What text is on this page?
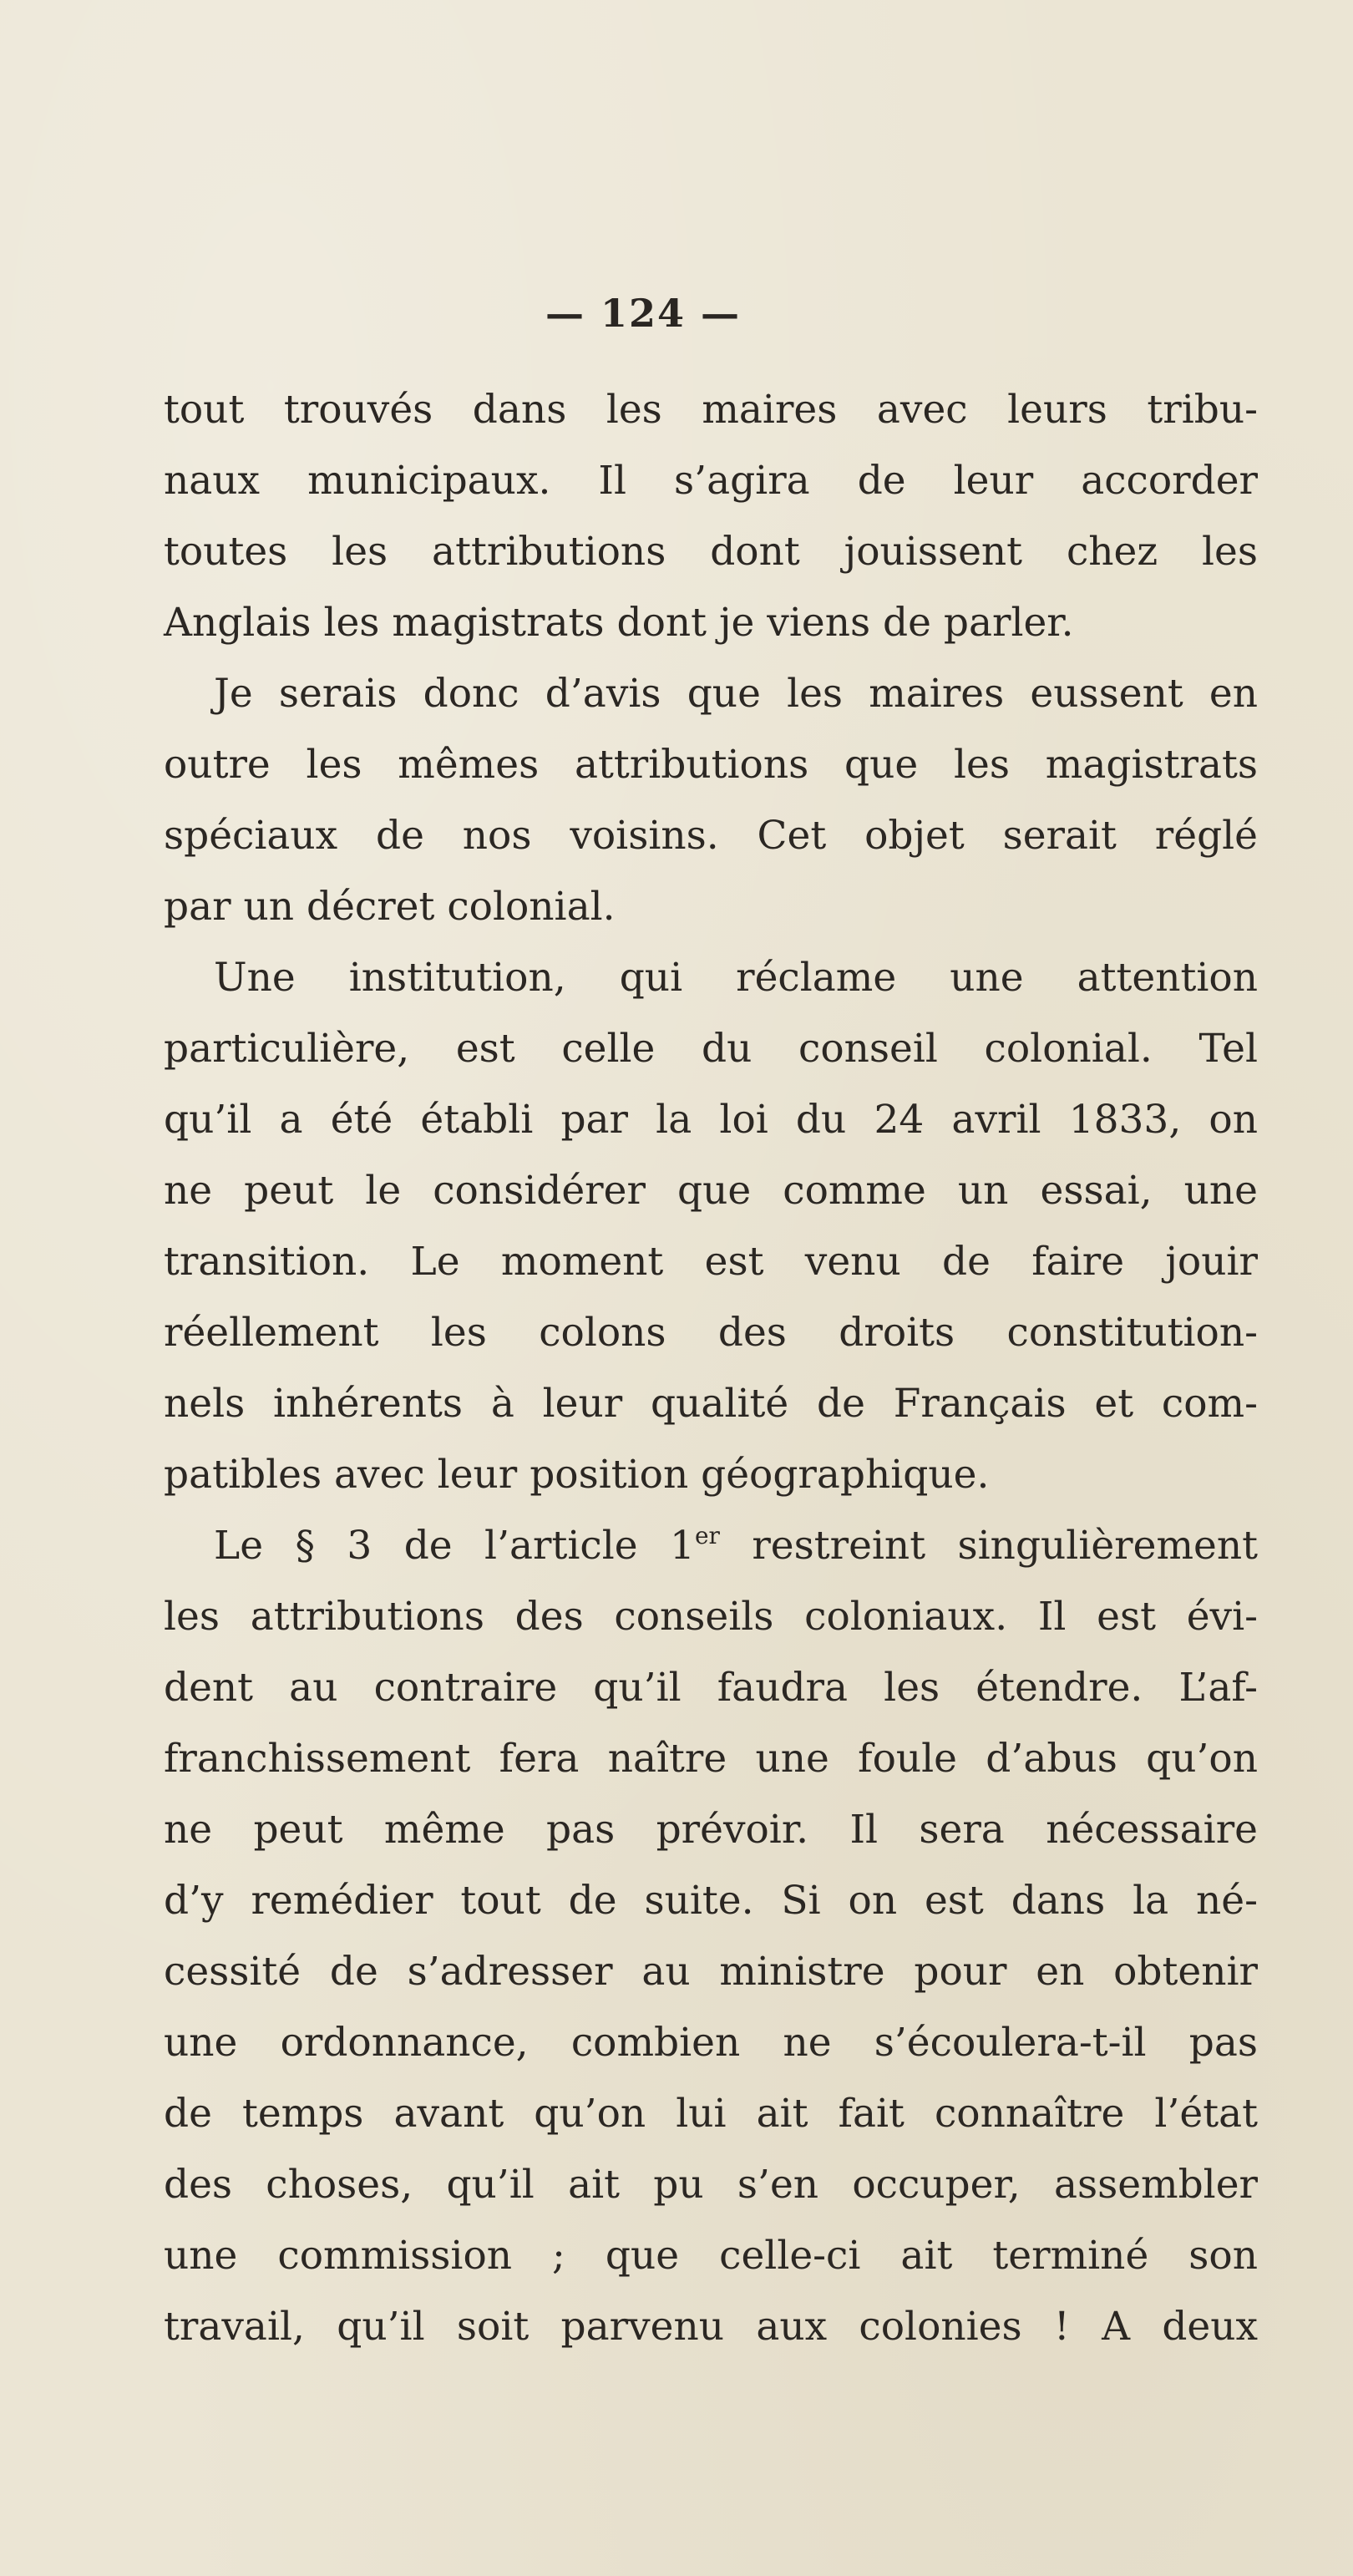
— 124 —
tout trouvés dans les maires avec leurs tribu-
naux municipaux. Il s’agira de leur accorder
toutes les attributions dont jouissent chez les
Anglais les magistrats dont je viens de parler.
Je serais donc d’avis que les maires eussent en
outre les mêmes attributions que les magistrats
spéciaux de nos voisins. Cet objet serait réglé
par un décret colonial.
Une institution, qui réclame une attention
particulière, est celle du conseil colonial. Tel
qu’il a été établi par la loi du 24 avril 1833, on
ne peut le considérer que comme un essai, une
transition. Le moment est venu de faire jouir
réellement les colons des droits constitution-
nels inhérents à leur qualité de Français et com-
patibles avec leur position géographique.
Le § 3 de l’article 1er restreint singulièrement
les attributions des conseils coloniaux. Il est évi-
dent au contraire qu’il faudra les étendre. L’af-
franchissement fera naître une foule d’abus qu’on
ne peut même pas prévoir. Il sera nécessaire
d’y remédier tout de suite. Si on est dans la né-
cessité de s’adresser au ministre pour en obtenir
une ordonnance, combien ne s’écoulera-t-il pas
de temps avant qu’on lui ait fait connaître l’état
des choses, qu’il ait pu s’en occuper, assembler
une commission ; que celle-ci ait terminé son
travail, qu’il soit parvenu aux colonies ! A deux
